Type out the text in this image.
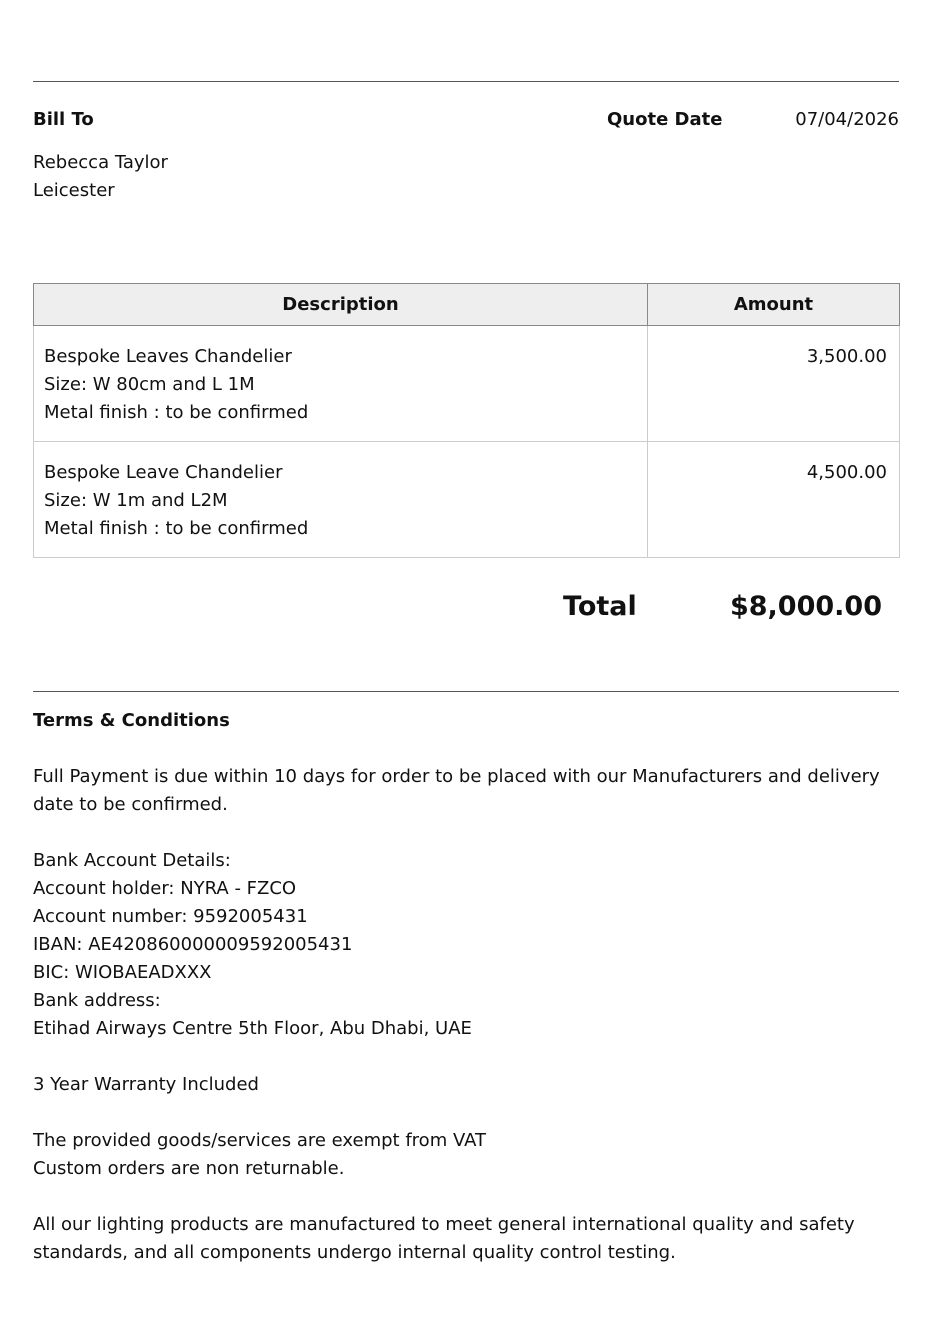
Bill To	Quote Date	07/04/2026
Rebecca Taylor
Leicester
Description	Amount

Bespoke Leaves Chandelier
Size: W 80cm and L 1M
Metal finish : to be confirmed	3,500.00

Bespoke Leave Chandelier
Size: W 1m and L2M
Metal finish : to be confirmed	4,500.00
Total	$8,000.00
Terms & Conditions
Full Payment is due within 10 days for order to be placed with our Manufacturers and delivery
date to be confirmed.
Bank Account Details:
Account holder: NYRA - FZCO
Account number: 9592005431
IBAN: AE420860000009592005431
BIC: WIOBAEADXXX
Bank address:
Etihad Airways Centre 5th Floor, Abu Dhabi, UAE
3 Year Warranty Included
The provided goods/services are exempt from VAT
Custom orders are non returnable.
All our lighting products are manufactured to meet general international quality and safety
standards, and all components undergo internal quality control testing.
